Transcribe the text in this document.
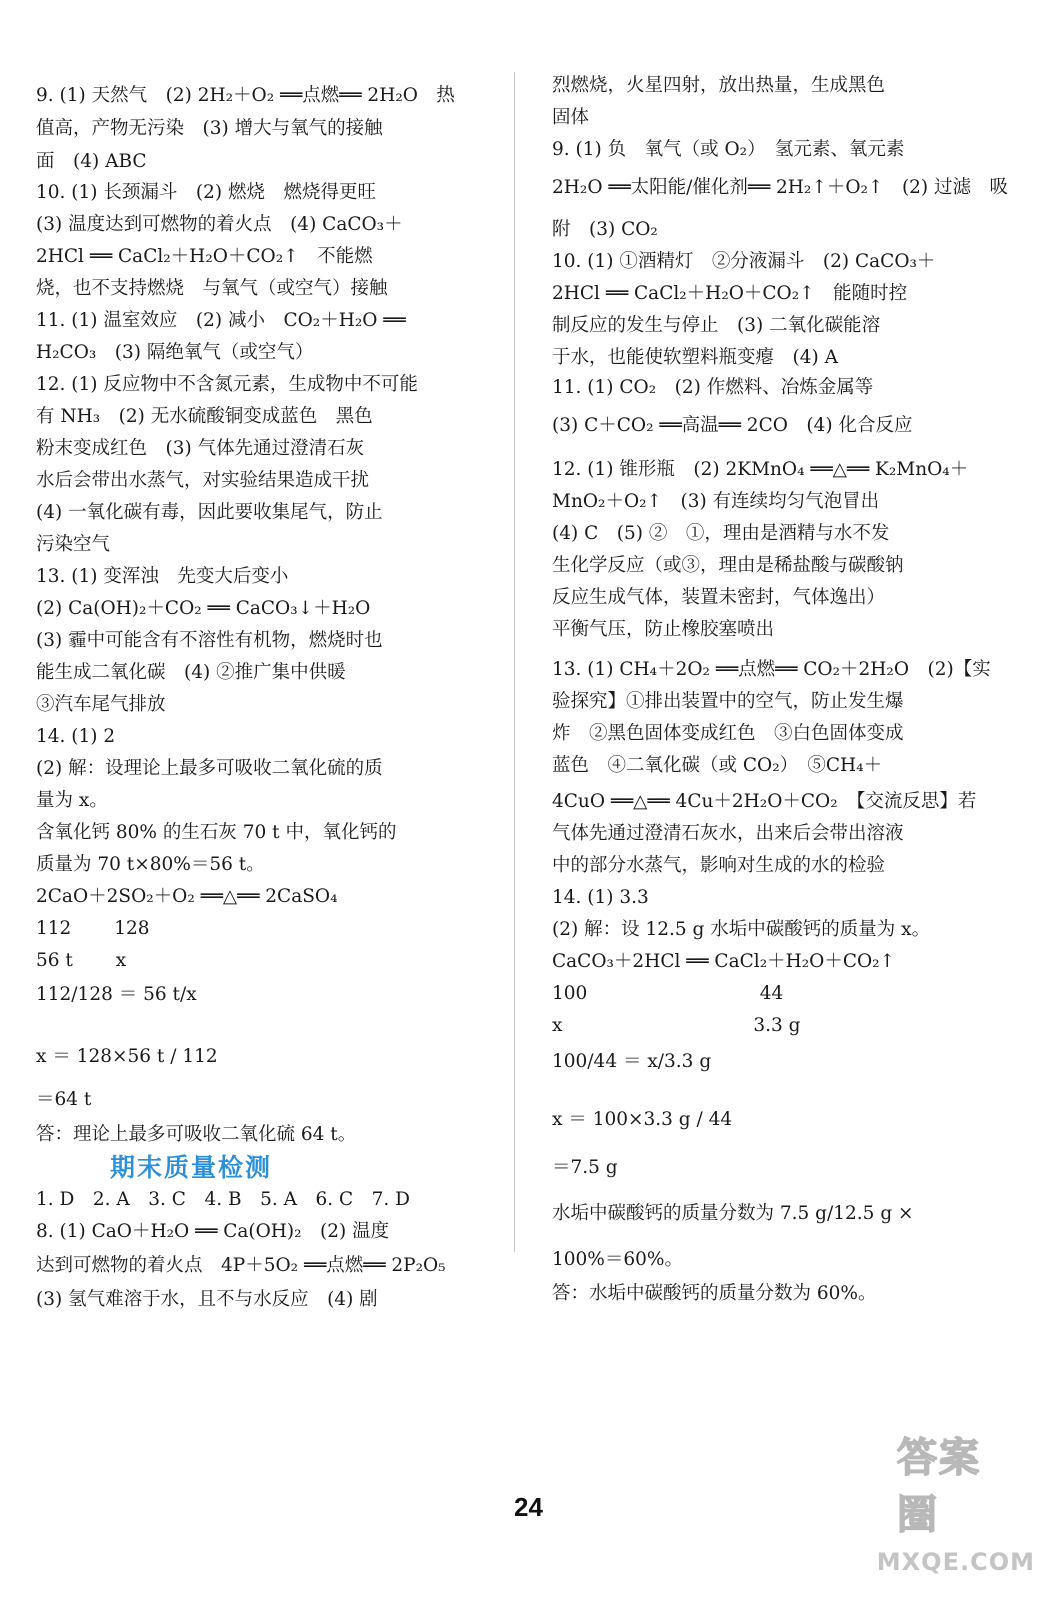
9. (1) 天然气　(2) 2H₂＋O₂ ══点燃══ 2H₂O　热
值高，产物无污染　(3) 增大与氧气的接触
面　(4) ABC
10. (1) 长颈漏斗　(2) 燃烧　燃烧得更旺
(3) 温度达到可燃物的着火点　(4) CaCO₃＋
2HCl ══ CaCl₂＋H₂O＋CO₂↑　不能燃
烧，也不支持燃烧　与氧气（或空气）接触
11. (1) 温室效应　(2) 减小　CO₂＋H₂O ══
H₂CO₃　(3) 隔绝氧气（或空气）
12. (1) 反应物中不含氮元素，生成物中不可能
有 NH₃　(2) 无水硫酸铜变成蓝色　黑色
粉末变成红色　(3) 气体先通过澄清石灰
水后会带出水蒸气，对实验结果造成干扰
(4) 一氧化碳有毒，因此要收集尾气，防止
污染空气
13. (1) 变浑浊　先变大后变小
(2) Ca(OH)₂＋CO₂ ══ CaCO₃↓＋H₂O
(3) 霾中可能含有不溶性有机物，燃烧时也
能生成二氧化碳　(4) ②推广集中供暖
③汽车尾气排放
14. (1) 2
(2) 解：设理论上最多可吸收二氧化硫的质
量为 x。
含氧化钙 80% 的生石灰 70 t 中，氧化钙的
质量为 70 t×80%＝56 t。
2CaO＋2SO₂＋O₂ ══△══ 2CaSO₄
112　　 128
56 t　　 x
112/128 ＝ 56 t/x
x ＝ 128×56 t / 112
＝64 t
答：理论上最多可吸收二氧化硫 64 t。
1. D　2. A　3. C　4. B　5. A　6. C　7. D
8. (1) CaO＋H₂O ══ Ca(OH)₂　(2) 温度
达到可燃物的着火点　4P＋5O₂ ══点燃══ 2P₂O₅
(3) 氢气难溶于水，且不与水反应　(4) 剧
期末质量检测
烈燃烧，火星四射，放出热量，生成黑色
固体
9. (1) 负　氧气（或 O₂）　氢元素、氧元素
2H₂O ══太阳能/催化剂══ 2H₂↑＋O₂↑　(2) 过滤　吸
附　(3) CO₂
10. (1) ①酒精灯　②分液漏斗　(2) CaCO₃＋
2HCl ══ CaCl₂＋H₂O＋CO₂↑　能随时控
制反应的发生与停止　(3) 二氧化碳能溶
于水，也能使软塑料瓶变瘪　(4) A
11. (1) CO₂　(2) 作燃料、冶炼金属等
(3) C＋CO₂ ══高温══ 2CO　(4) 化合反应
12. (1) 锥形瓶　(2) 2KMnO₄ ══△══ K₂MnO₄＋
MnO₂＋O₂↑　(3) 有连续均匀气泡冒出
(4) C　(5) ②　①，理由是酒精与水不发
生化学反应（或③，理由是稀盐酸与碳酸钠
反应生成气体，装置未密封，气体逸出）
平衡气压，防止橡胶塞喷出
13. (1) CH₄＋2O₂ ══点燃══ CO₂＋2H₂O　(2)【实
验探究】①排出装置中的空气，防止发生爆
炸　②黑色固体变成红色　③白色固体变成
蓝色　④二氧化碳（或 CO₂）　⑤CH₄＋
4CuO ══△══ 4Cu＋2H₂O＋CO₂　【交流反思】若
气体先通过澄清石灰水，出来后会带出溶液
中的部分水蒸气，影响对生成的水的检验
14. (1) 3.3
(2) 解：设 12.5 g 水垢中碳酸钙的质量为 x。
CaCO₃＋2HCl ══ CaCl₂＋H₂O＋CO₂↑
100　　　　　　　　　 44
x　　　　　　　　　　 3.3 g
100/44 ＝ x/3.3 g
x ＝ 100×3.3 g / 44
＝7.5 g
水垢中碳酸钙的质量分数为 7.5 g/12.5 g ×
100%＝60%。
答：水垢中碳酸钙的质量分数为 60%。
24
答案圈
MXQE.COM
